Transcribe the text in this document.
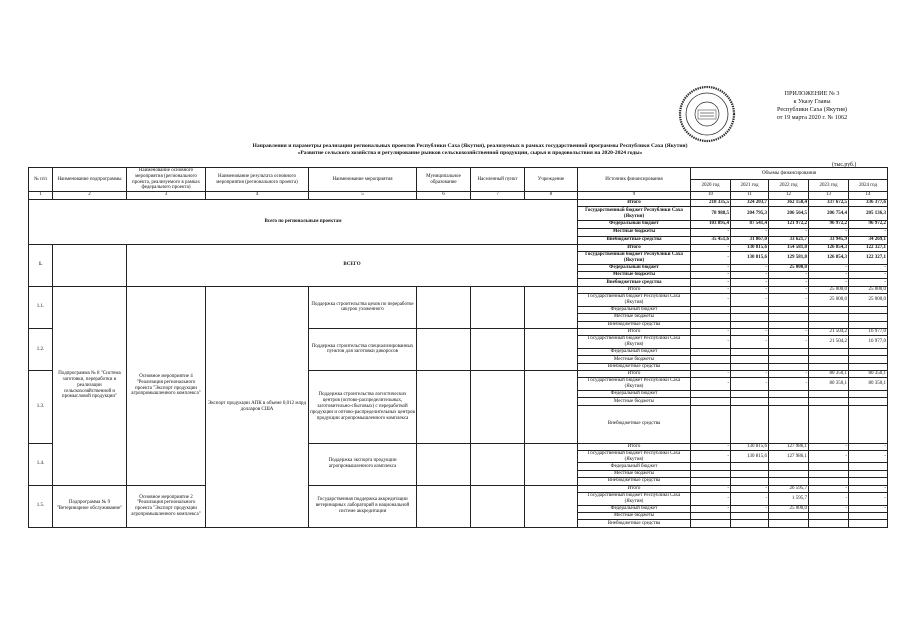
ПРИЛОЖЕНИЕ № 3
к Указу Главы
Республики Саха (Якутия)
от 19 марта 2020 г. № 1062
Направления и параметры реализации региональных проектов Республики Саха (Якутия), реализуемых в рамках государственной программы Республики Саха (Якутия)
«Развитие сельского хозяйства и регулирование рынков сельскохозяйственной продукции, сырья и продовольствия на 2020-2024 годы»
(тыс.руб.)
№ п/п	Наименование подпрограммы	Наименование основного мероприятия (регионального проекта, реализуемого в рамках федерального проекта)	Наименование результата основного мероприятия (регионального проекта)	Наименование мероприятия	Муниципальное образование	Населенный пункт	Учреждение	Источник финансирования	Объемы финансирования				
									2020 год	2021 год	2022 год	2023 год	2024 год
1	2	3	4	5	6	7	8	9	10	11	12	13	14
Всего по региональным проектам								Итого	218 335,5	324 203,7	362 158,4	337 672,5	336 377,6
								Государственный бюджет Республики Саха (Якутия)	78 988,5	204 795,3	206 564,5	206 754,4	205 136,3
								Федеральный бюджет	103 895,4	87 541,4	121 972,2	96 972,2	96 972,2
								Местные бюджеты	-	-	-	-	-
								Внебюджетные средства	35 451,6	31 867,0	33 621,7	33 945,9	34 269,1
1.		ВСЕГО						Итого	-	130 815,6	154 581,8	126 854,3	122 327,1
								Государственный бюджет Республики Саха (Якутия)	-	130 815,6	129 581,8	126 854,3	122 327,1
								Федеральный бюджет	-	-	25 000,0	-	-
								Местные бюджеты	-	-	-	-	-
								Внебюджетные средства	-	-	-	-	-
1.1.	Подпрограмма № 8 "Система заготовки, переработки и реализации сельскохозяйственной и промысловой продукции"	Основное мероприятие 4 "Реализация регионального проекта "Экспорт продукции агропромышленного комплекса"	Экспорт продукции АПК в объеме 0,012 млрд долларов США	Поддержка строительства цехов по переработке шкурок ухоженного				Итого	-	-	-	25 000,0	25 000,0
								Государственный бюджет Республики Саха (Якутия)	-	-	-	25 000,0	25 000,0
								Федеральный бюджет					
								Местные бюджеты					
								Внебюджетные средства					
1.2.				Поддержка строительства специализированных пунктов для заготовки дикоросов				Итого	-	-	-	21 504,2	16 977,0
								Государственный бюджет Республики Саха (Якутия)	-	-	-	21 504,2	16 977,0
								Федеральный бюджет					
								Местные бюджеты					
								Внебюджетные средства					
1.3.				Поддержка строительства логистических центров (оптово-распределительных, заготовительно-сбытовых) с переработкой продукции и оптово-распределительных центров продукции агропромышленного комплекса				Итого	-	-	-	80 350,1	80 350,1
								Государственный бюджет Республики Саха (Якутия)	-	-	-	80 350,1	80 350,1
								Федеральный бюджет					
								Местные бюджеты					
								Внебюджетные средства					
1.4.				Поддержка экспорта продукции агропромышленного комплекса				Итого	-	130 815,6	127 986,1	-	-
								Государственный бюджет Республики Саха (Якутия)	-	130 815,6	127 986,1	-	-
								Федеральный бюджет					
								Местные бюджеты					
								Внебюджетные средства					
1.5.	Подпрограмма № 9 "Ветеринарное обслуживание"	Основное мероприятие 2 "Реализация регионального проекта "Экспорт продукции агропромышленного комплекса"		Государственная поддержка аккредитации ветеринарных лабораторий в национальной системе аккредитации				Итого	-	-	26 595,7	-	-
								Государственный бюджет Республики Саха (Якутия)	-	-	1 595,7	-	-
								Федеральный бюджет	-	-	25 000,0	-	-
								Местные бюджеты					
								Внебюджетные средства					
